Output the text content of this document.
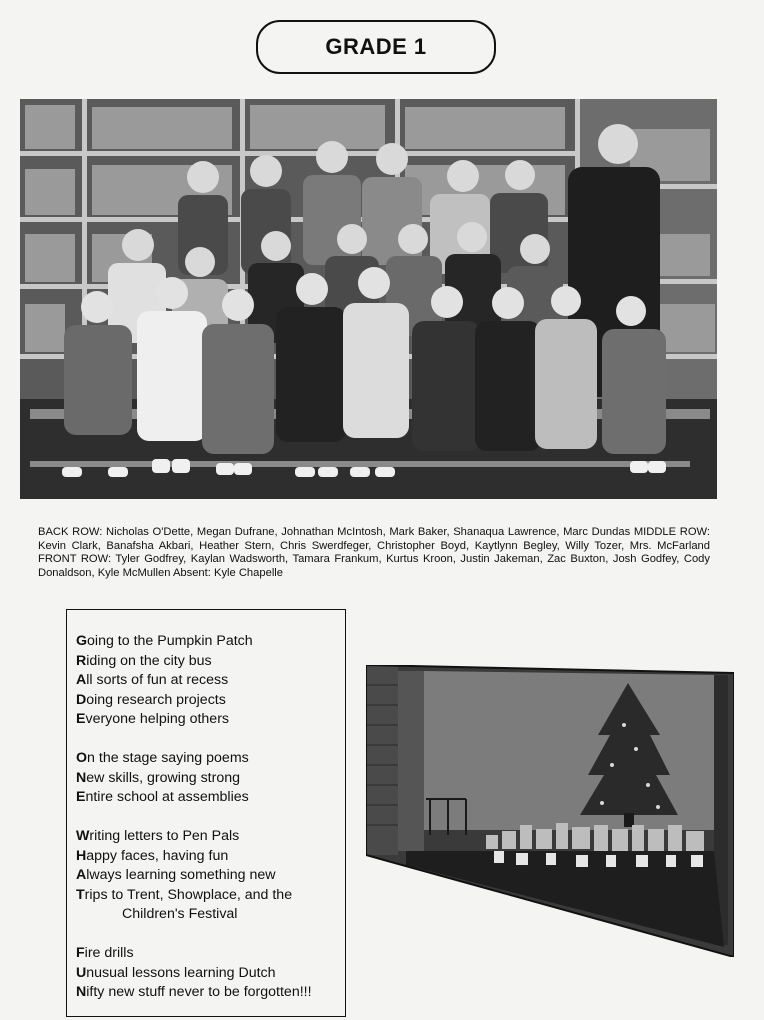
GRADE 1

BACK ROW: Nicholas O'Dette, Megan Dufrane, Johnathan McIntosh, Mark Baker, Shanaqua Lawrence, Marc Dundas MIDDLE ROW: Kevin Clark, Banafsha Akbari, Heather Stern, Chris Swerdfeger, Christopher Boyd, Kaytlynn Begley, Willy Tozer, Mrs. McFarland FRONT ROW: Tyler Godfrey, Kaylan Wadsworth, Tamara Frankum, Kurtus Kroon, Justin Jakeman, Zac Buxton, Josh Godfey, Cody Donaldson, Kyle McMullen Absent: Kyle Chapelle

Going to the Pumpkin Patch
Riding on the city bus
All sorts of fun at recess
Doing research projects
Everyone helping others
On the stage saying poems
New skills, growing strong
Entire school at assemblies
Writing letters to Pen Pals
Happy faces, having fun
Always learning something new
Trips to Trent, Showplace, and the
Children's Festival
Fire drills
Unusual lessons learning Dutch
Nifty new stuff never to be forgotten!!!
